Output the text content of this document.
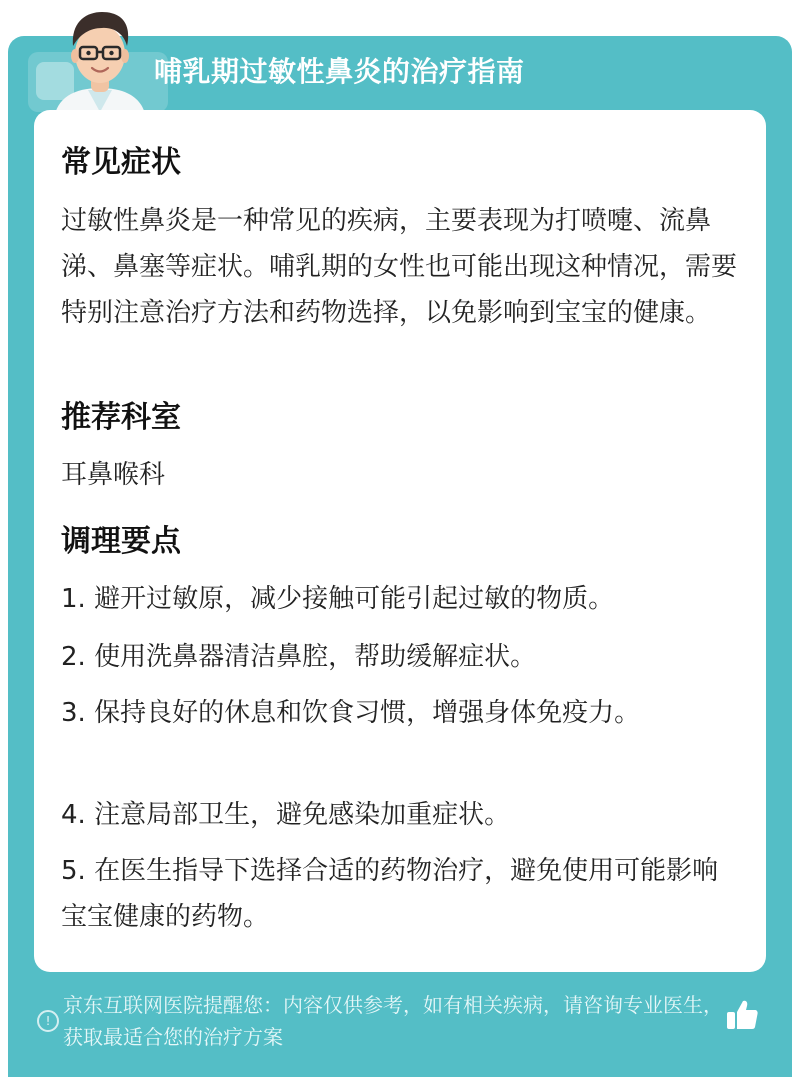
哺乳期过敏性鼻炎的治疗指南
常见症状
过敏性鼻炎是一种常见的疾病，主要表现为打喷嚏、流鼻涕、鼻塞等症状。哺乳期的女性也可能出现这种情况，需要特别注意治疗方法和药物选择，以免影响到宝宝的健康。
推荐科室
耳鼻喉科
调理要点
1. 避开过敏原，减少接触可能引起过敏的物质。
2. 使用洗鼻器清洁鼻腔，帮助缓解症状。
3. 保持良好的休息和饮食习惯，增强身体免疫力。
4. 注意局部卫生，避免感染加重症状。
5. 在医生指导下选择合适的药物治疗，避免使用可能影响宝宝健康的药物。
!
京东互联网医院提醒您：内容仅供参考，如有相关疾病，请咨询专业医生，获取最适合您的治疗方案
